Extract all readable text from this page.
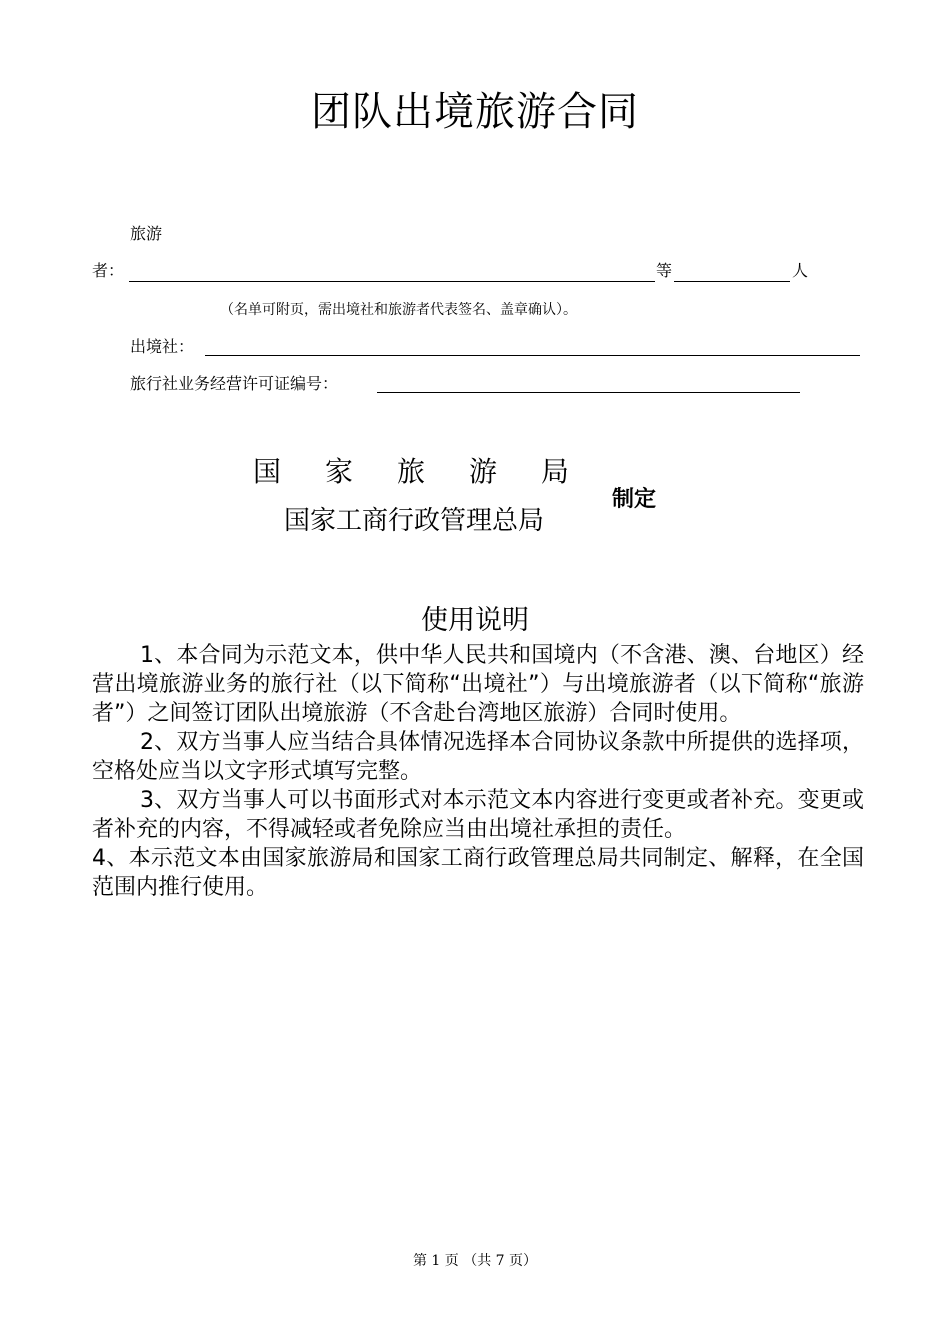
团队出境旅游合同
旅游
者：	等	人
（名单可附页，需出境社和旅游者代表签名、盖章确认）。
出境社：
旅行社业务经营许可证编号：
国　家　旅　游　局
国家工商行政管理总局
制定
使用说明

1、本合同为示范文本，供中华人民共和国境内（不含港、澳、台地区）经营出境旅游业务的旅行社（以下简称“出境社”）与出境旅游者（以下简称“旅游者”）之间签订团队出境旅游（不含赴台湾地区旅游）合同时使用。

2、双方当事人应当结合具体情况选择本合同协议条款中所提供的选择项，空格处应当以文字形式填写完整。

3、双方当事人可以书面形式对本示范文本内容进行变更或者补充。变更或者补充的内容，不得减轻或者免除应当由出境社承担的责任。

4、本示范文本由国家旅游局和国家工商行政管理总局共同制定、解释，在全国范围内推行使用。

第 1 页 （共 7 页）
